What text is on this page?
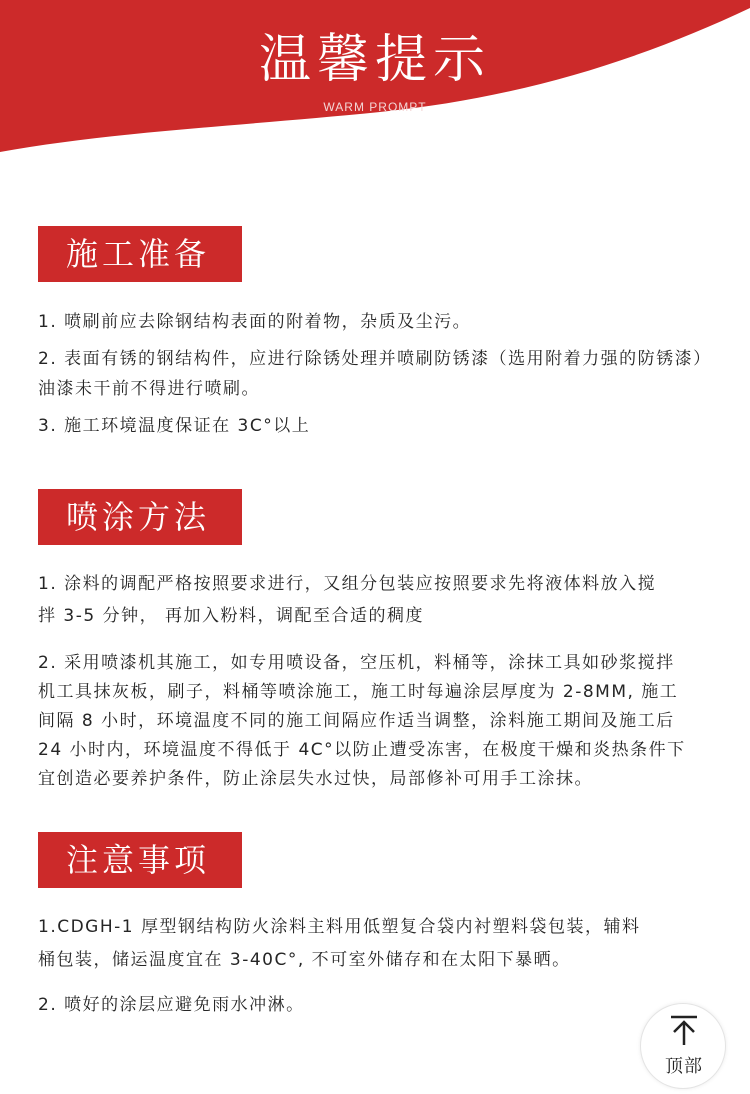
温馨提示
WARM PROMPT
施工准备
1. 喷刷前应去除钢结构表面的附着物，杂质及尘污。
2. 表面有锈的钢结构件，应进行除锈处理并喷刷防锈漆（选用附着力强的防锈漆）
油漆未干前不得进行喷刷。
3. 施工环境温度保证在 3C°以上
喷涂方法
1. 涂料的调配严格按照要求进行，又组分包装应按照要求先将液体料放入搅
拌 3-5 分钟， 再加入粉料，调配至合适的稠度
2. 采用喷漆机其施工，如专用喷设备，空压机，料桶等，涂抹工具如砂浆搅拌
机工具抹灰板，刷子，料桶等喷涂施工，施工时每遍涂层厚度为 2-8MM, 施工
间隔 8 小时，环境温度不同的施工间隔应作适当调整，涂料施工期间及施工后
24 小时内，环境温度不得低于 4C°以防止遭受冻害，在极度干燥和炎热条件下
宜创造必要养护条件，防止涂层失水过快，局部修补可用手工涂抹。
注意事项
1.CDGH-1 厚型钢结构防火涂料主料用低塑复合袋内衬塑料袋包装，辅料
桶包装，储运温度宜在 3-40C°, 不可室外储存和在太阳下暴晒。
2. 喷好的涂层应避免雨水冲淋。
顶部
